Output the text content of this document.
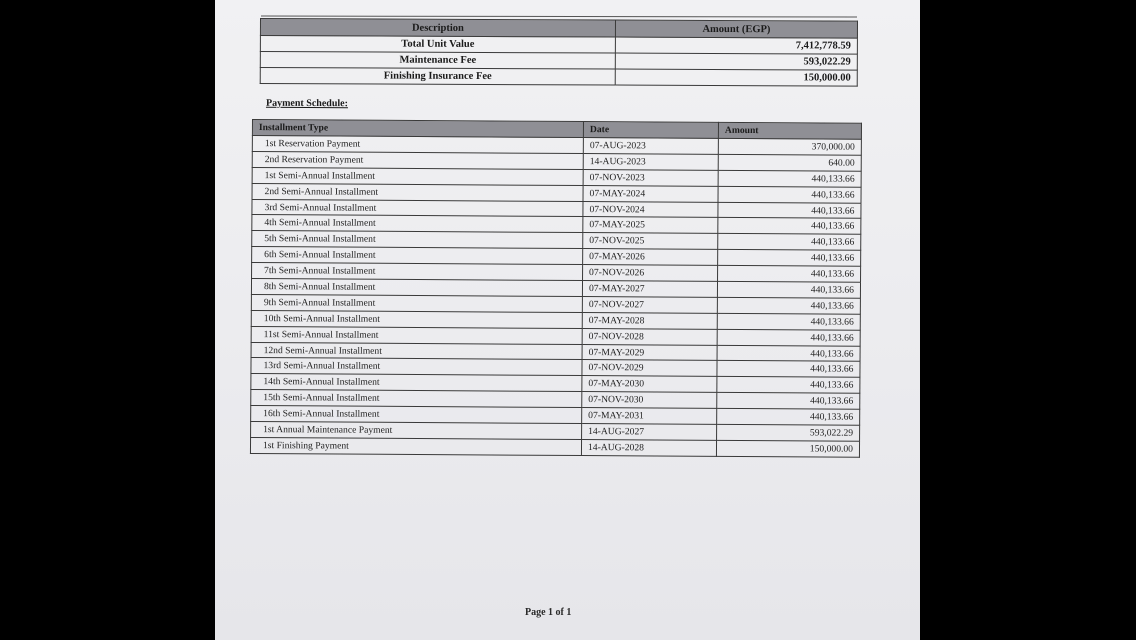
Description	Amount (EGP)
Total Unit Value	7,412,778.59
Maintenance Fee	593,022.29
Finishing Insurance Fee	150,000.00
Payment Schedule:
Installment Type	Date	Amount
1st Reservation Payment	07-AUG-2023	370,000.00
2nd Reservation Payment	14-AUG-2023	640.00
1st Semi-Annual Installment	07-NOV-2023	440,133.66
2nd Semi-Annual Installment	07-MAY-2024	440,133.66
3rd Semi-Annual Installment	07-NOV-2024	440,133.66
4th Semi-Annual Installment	07-MAY-2025	440,133.66
5th Semi-Annual Installment	07-NOV-2025	440,133.66
6th Semi-Annual Installment	07-MAY-2026	440,133.66
7th Semi-Annual Installment	07-NOV-2026	440,133.66
8th Semi-Annual Installment	07-MAY-2027	440,133.66
9th Semi-Annual Installment	07-NOV-2027	440,133.66
10th Semi-Annual Installment	07-MAY-2028	440,133.66
11st Semi-Annual Installment	07-NOV-2028	440,133.66
12nd Semi-Annual Installment	07-MAY-2029	440,133.66
13rd Semi-Annual Installment	07-NOV-2029	440,133.66
14th Semi-Annual Installment	07-MAY-2030	440,133.66
15th Semi-Annual Installment	07-NOV-2030	440,133.66
16th Semi-Annual Installment	07-MAY-2031	440,133.66
1st Annual Maintenance Payment	14-AUG-2027	593,022.29
1st Finishing Payment	14-AUG-2028	150,000.00
Page 1 of 1
